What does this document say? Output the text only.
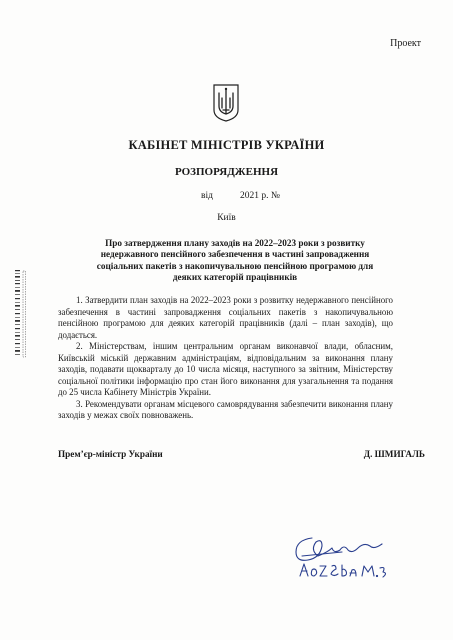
Проект
КАБІНЕТ МІНІСТРІВ УКРАЇНИ
РОЗПОРЯДЖЕННЯ
від	2021 р. №
Київ
Про затвердження плану заходів на 2022–2023 роки з розвитку недержавного пенсійного забезпечення в частині запровадження соціальних пакетів з накопичувальною пенсійною програмою для деяких категорій працівників

1. Затвердити план заходів на 2022–2023 роки з розвитку недержавного пенсійного забезпечення в частині запровадження соціальних пакетів з накопичувальною пенсійною програмою для деяких категорій працівників (далі – план заходів), що додається.

2. Міністерствам, іншим центральним органам виконавчої влади, обласним, Київській міській державним адміністраціям, відповідальним за виконання плану заходів, подавати щокварталу до 10 числа місяця, наступного за звітним, Міністерству соціальної політики інформацію про стан його виконання для узагальнення та подання до 25 числа Кабінету Міністрів України.

3. Рекомендувати органам місцевого самоврядування забезпечити виконання плану заходів у межах своїх повноважень.

Прем’єр-міністр України	Д. ШМИГАЛЬ
